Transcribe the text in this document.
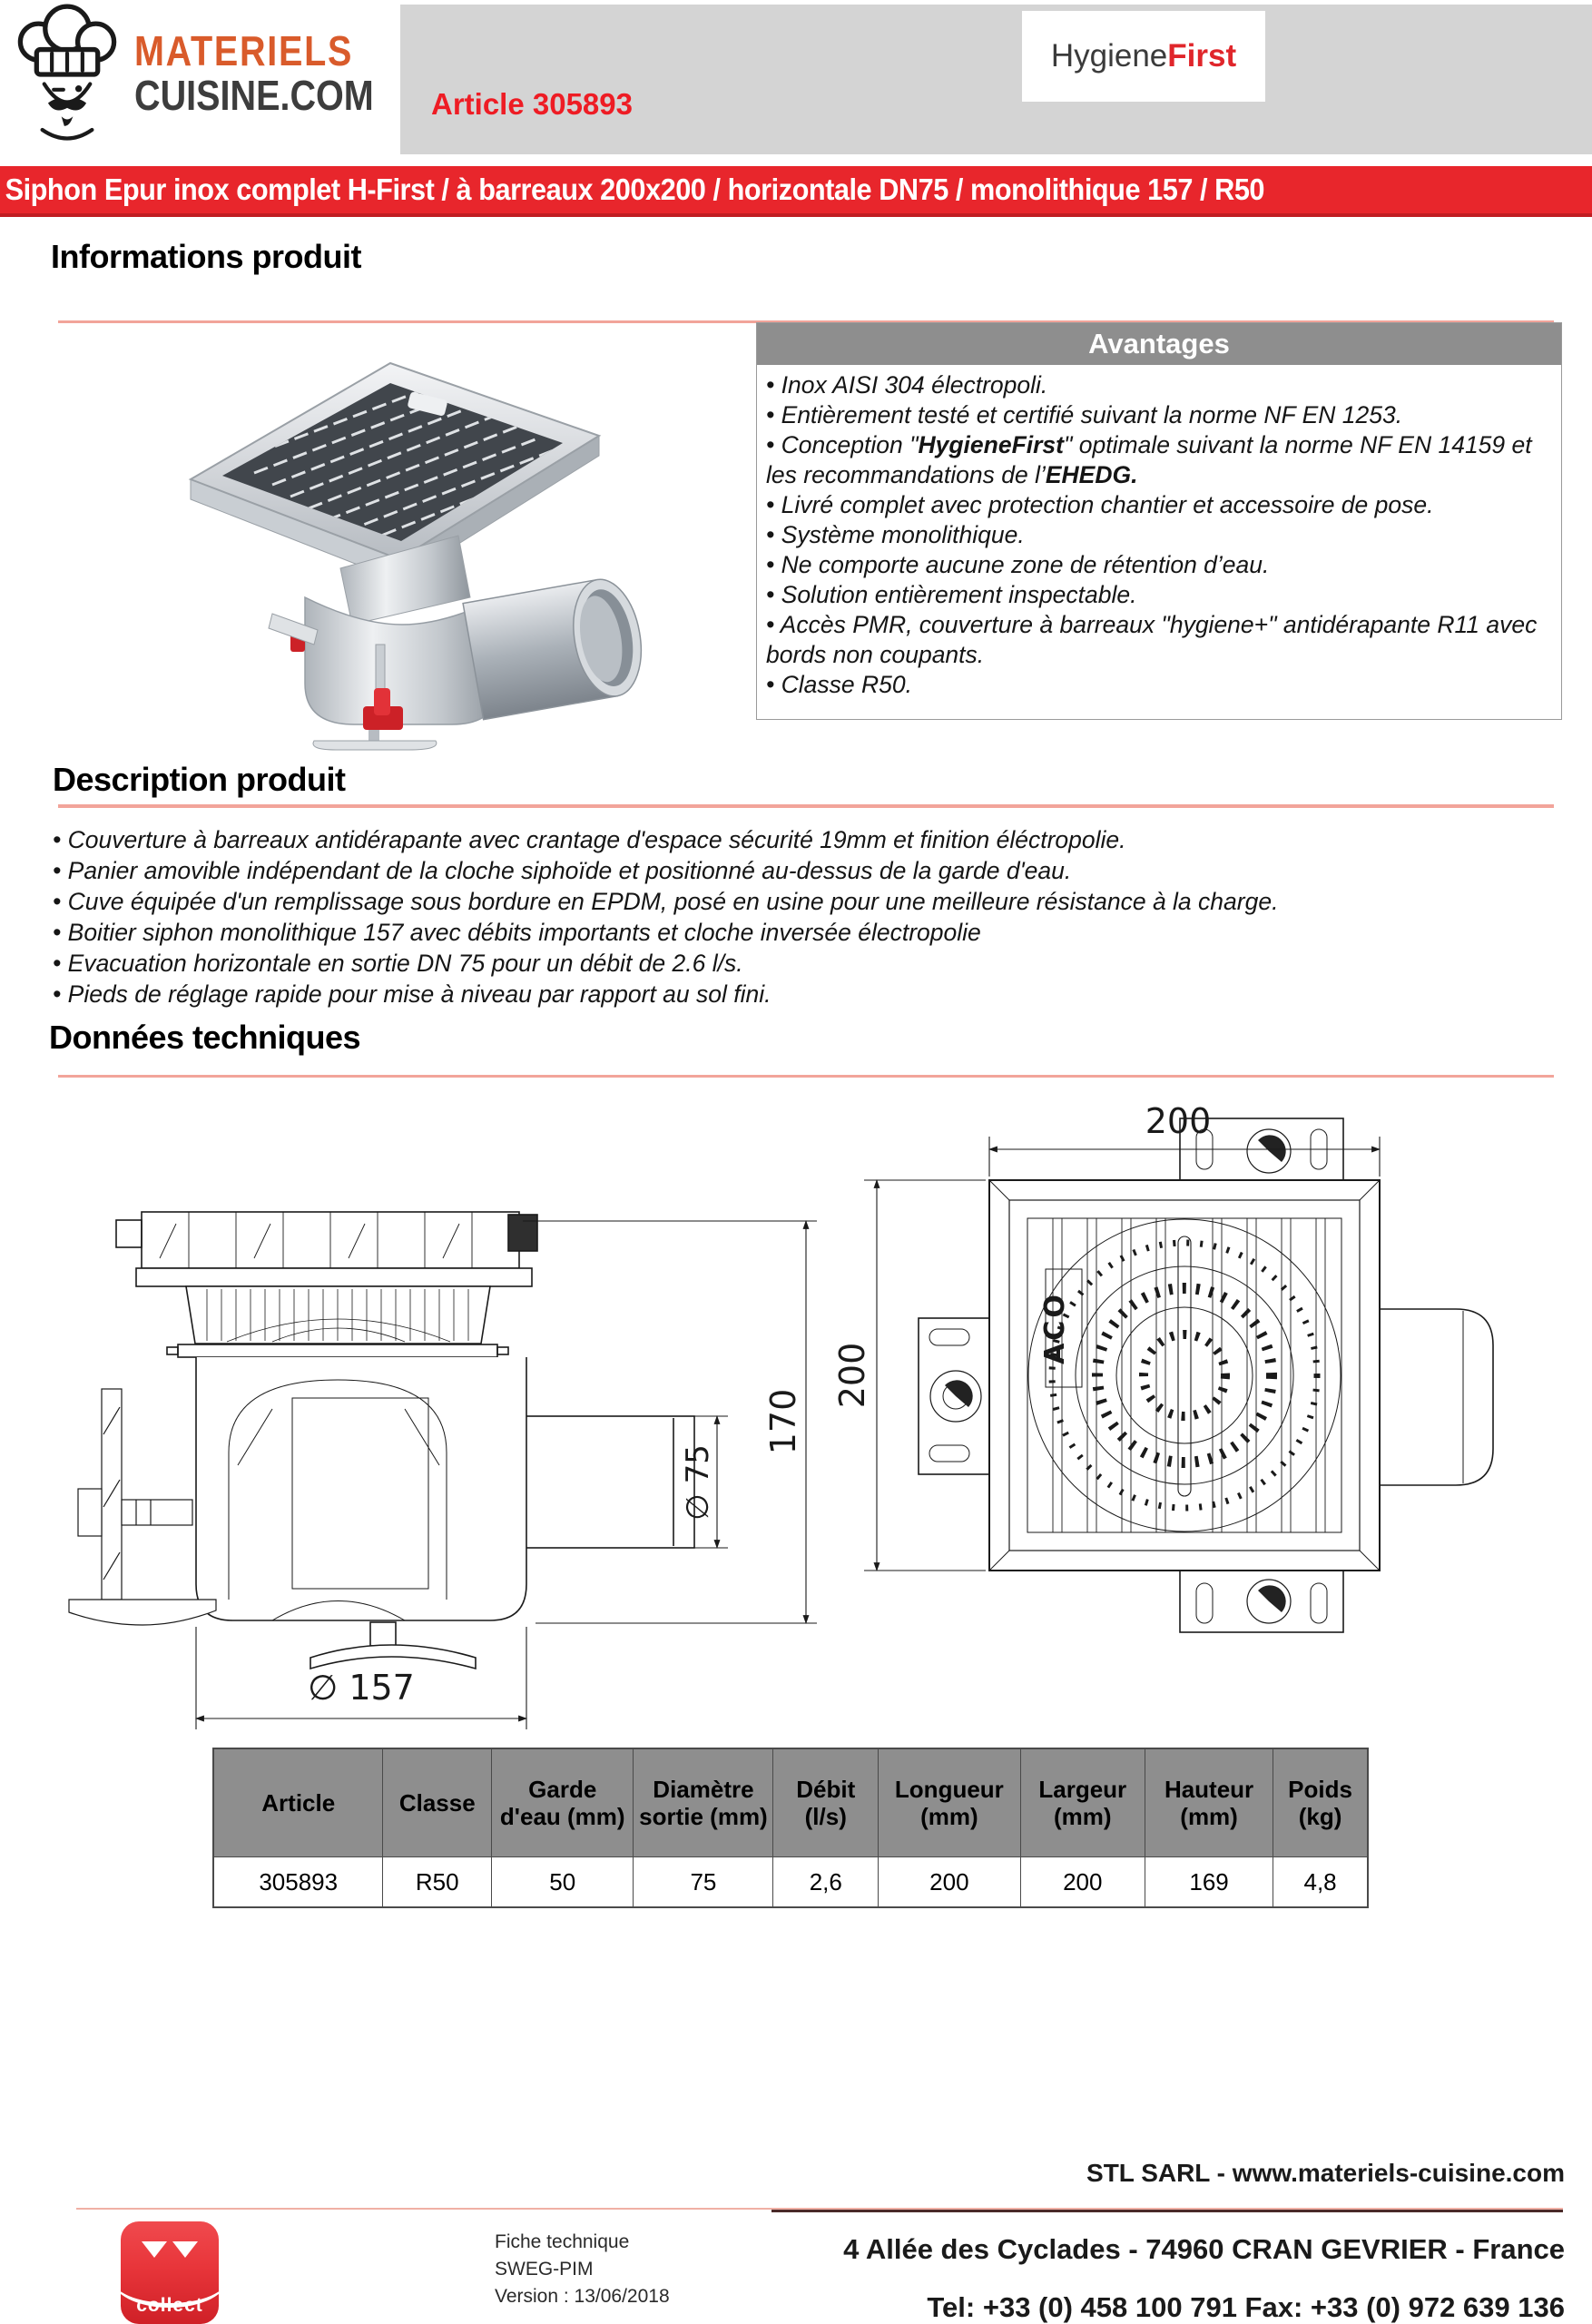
MATERIELS
CUISINE.COM Article 305893
Hygiene First
Siphon Epur inox complet H-First / à barreaux 200x200 / horizontale DN75 / monolithique 157 / R50
Informations produit
Avantages
• Inox AISI 304 électropoli.
• Entièrement testé et certifié suivant la norme NF EN 1253.
• Conception "HygieneFirst" optimale suivant la norme NF EN 14159 et les recommandations de l’EHEDG.
• Livré complet avec protection chantier et accessoire de pose.
• Système monolithique.
• Ne comporte aucune zone de rétention d’eau.
• Solution entièrement inspectable.
• Accès PMR, couverture à barreaux "hygiene+" antidérapante R11 avec bords non coupants.
• Classe R50.
Description produit
• Couverture à barreaux antidérapante avec crantage d'espace sécurité 19mm et finition éléctropolie.
• Panier amovible indépendant de la cloche siphoïde et positionné au-dessus de la garde d'eau.
• Cuve équipée d'un remplissage sous bordure en EPDM, posé en usine pour une meilleure résistance à la charge.
• Boitier siphon monolithique 157 avec débits importants et cloche inversée électropolie
• Evacuation horizontale en sortie DN 75 pour un débit de 2.6 l/s.
• Pieds de réglage rapide pour mise à niveau par rapport au sol fini.
Données techniques
∅ 157
∅ 75
170
200
ACO
200
Article	Classe	Garde d'eau (mm)	Diamètre sortie (mm)	Débit (l/s)	Longueur (mm)	Largeur (mm)	Hauteur (mm)	Poids (kg)
305893	R50	50	75	2,6	200	200	169	4,8
STL SARL - www.materiels-cuisine.com
collect
Fiche technique
SWEG-PIM
Version : 13/06/2018
4 Allée des Cyclades - 74960 CRAN GEVRIER - France
Tel: +33 (0) 458 100 791 Fax: +33 (0) 972 639 136
